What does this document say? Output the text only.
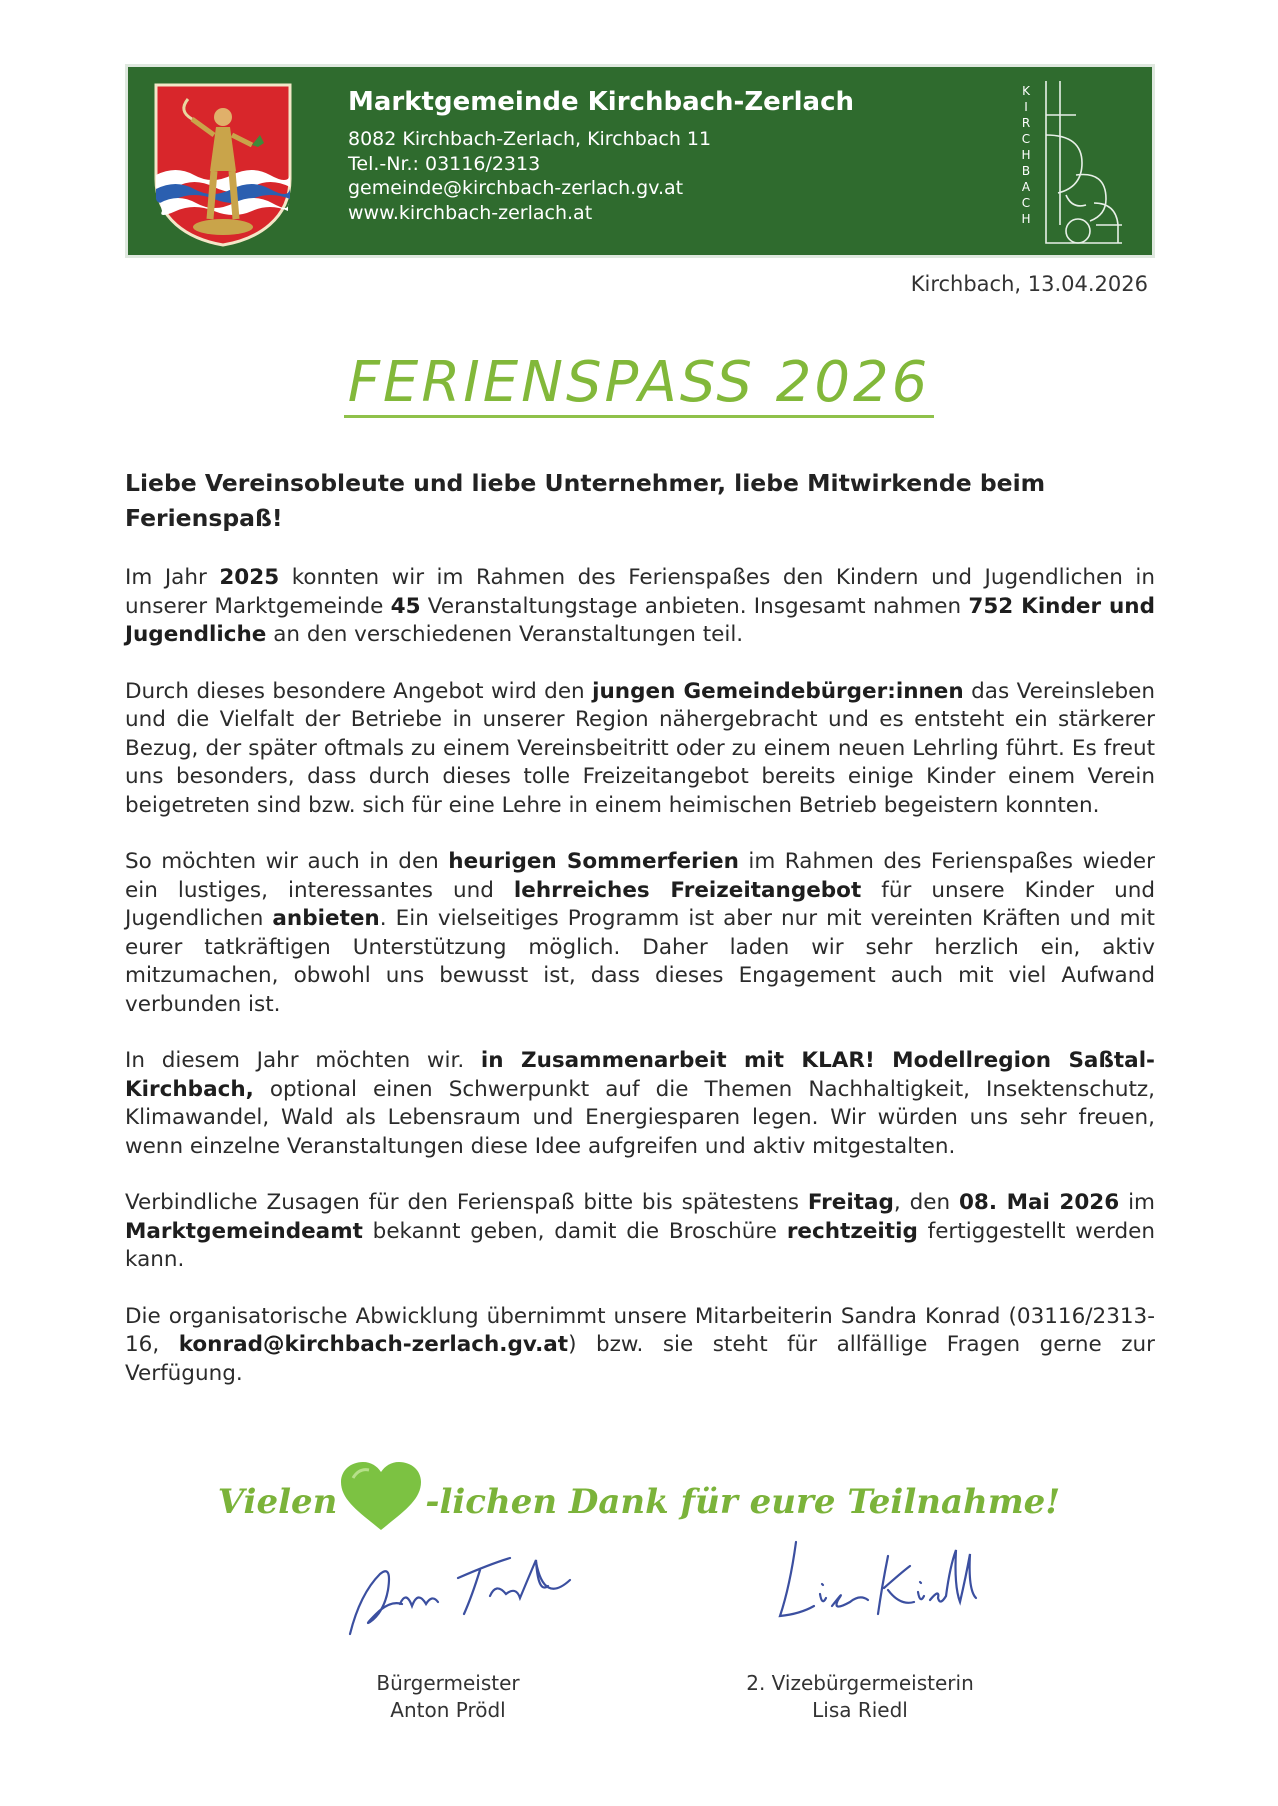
Marktgemeinde Kirchbach-Zerlach
8082 Kirchbach-Zerlach, Kirchbach 11
Tel.-Nr.: 03116/2313
gemeinde@kirchbach-zerlach.gv.at
www.kirchbach-zerlach.at
K
I
R
C
H
B
A
C
H
Kirchbach, 13.04.2026
FERIENSPASS 2026

Liebe Vereinsobleute und liebe Unternehmer, liebe Mitwirkende beim Ferienspaß!

Im Jahr 2025 konnten wir im Rahmen des Ferienspaßes den Kindern und Jugendlichen in unserer Marktgemeinde 45 Veranstaltungstage anbieten. Insgesamt nahmen 752 Kinder und Jugendliche an den verschiedenen Veranstaltungen teil.

Durch dieses besondere Angebot wird den jungen Gemeindebürger:innen das Vereinsleben und die Vielfalt der Betriebe in unserer Region nähergebracht und es entsteht ein stärkerer Bezug, der später oftmals zu einem Vereinsbeitritt oder zu einem neuen Lehrling führt. Es freut uns besonders, dass durch dieses tolle Freizeitangebot bereits einige Kinder einem Verein beigetreten sind bzw. sich für eine Lehre in einem heimischen Betrieb begeistern konnten.

So möchten wir auch in den heurigen Sommerferien im Rahmen des Ferienspaßes wieder ein lustiges, interessantes und lehrreiches Freizeitangebot für unsere Kinder und Jugendlichen anbieten. Ein vielseitiges Programm ist aber nur mit vereinten Kräften und mit eurer tatkräftigen Unterstützung möglich. Daher laden wir sehr herzlich ein, aktiv mitzumachen, obwohl uns bewusst ist, dass dieses Engagement auch mit viel Aufwand verbunden ist.

In diesem Jahr möchten wir. in Zusammenarbeit mit KLAR! Modellregion Saßtal-Kirchbach, optional einen Schwerpunkt auf die Themen Nachhaltigkeit, Insektenschutz, Klimawandel, Wald als Lebensraum und Energiesparen legen. Wir würden uns sehr freuen, wenn einzelne Veranstaltungen diese Idee aufgreifen und aktiv mitgestalten.

Verbindliche Zusagen für den Ferienspaß bitte bis spätestens Freitag, den 08. Mai 2026 im Marktgemeindeamt bekannt geben, damit die Broschüre rechtzeitig fertiggestellt werden kann.

Die organisatorische Abwicklung übernimmt unsere Mitarbeiterin Sandra Konrad (03116/2313-16, konrad@kirchbach-zerlach.gv.at) bzw. sie steht für allfällige Fragen gerne zur Verfügung.

Vielen	-lichen Dank für eure Teilnahme!
Bürgermeister
Anton Prödl
2. Vizebürgermeisterin
Lisa Riedl
